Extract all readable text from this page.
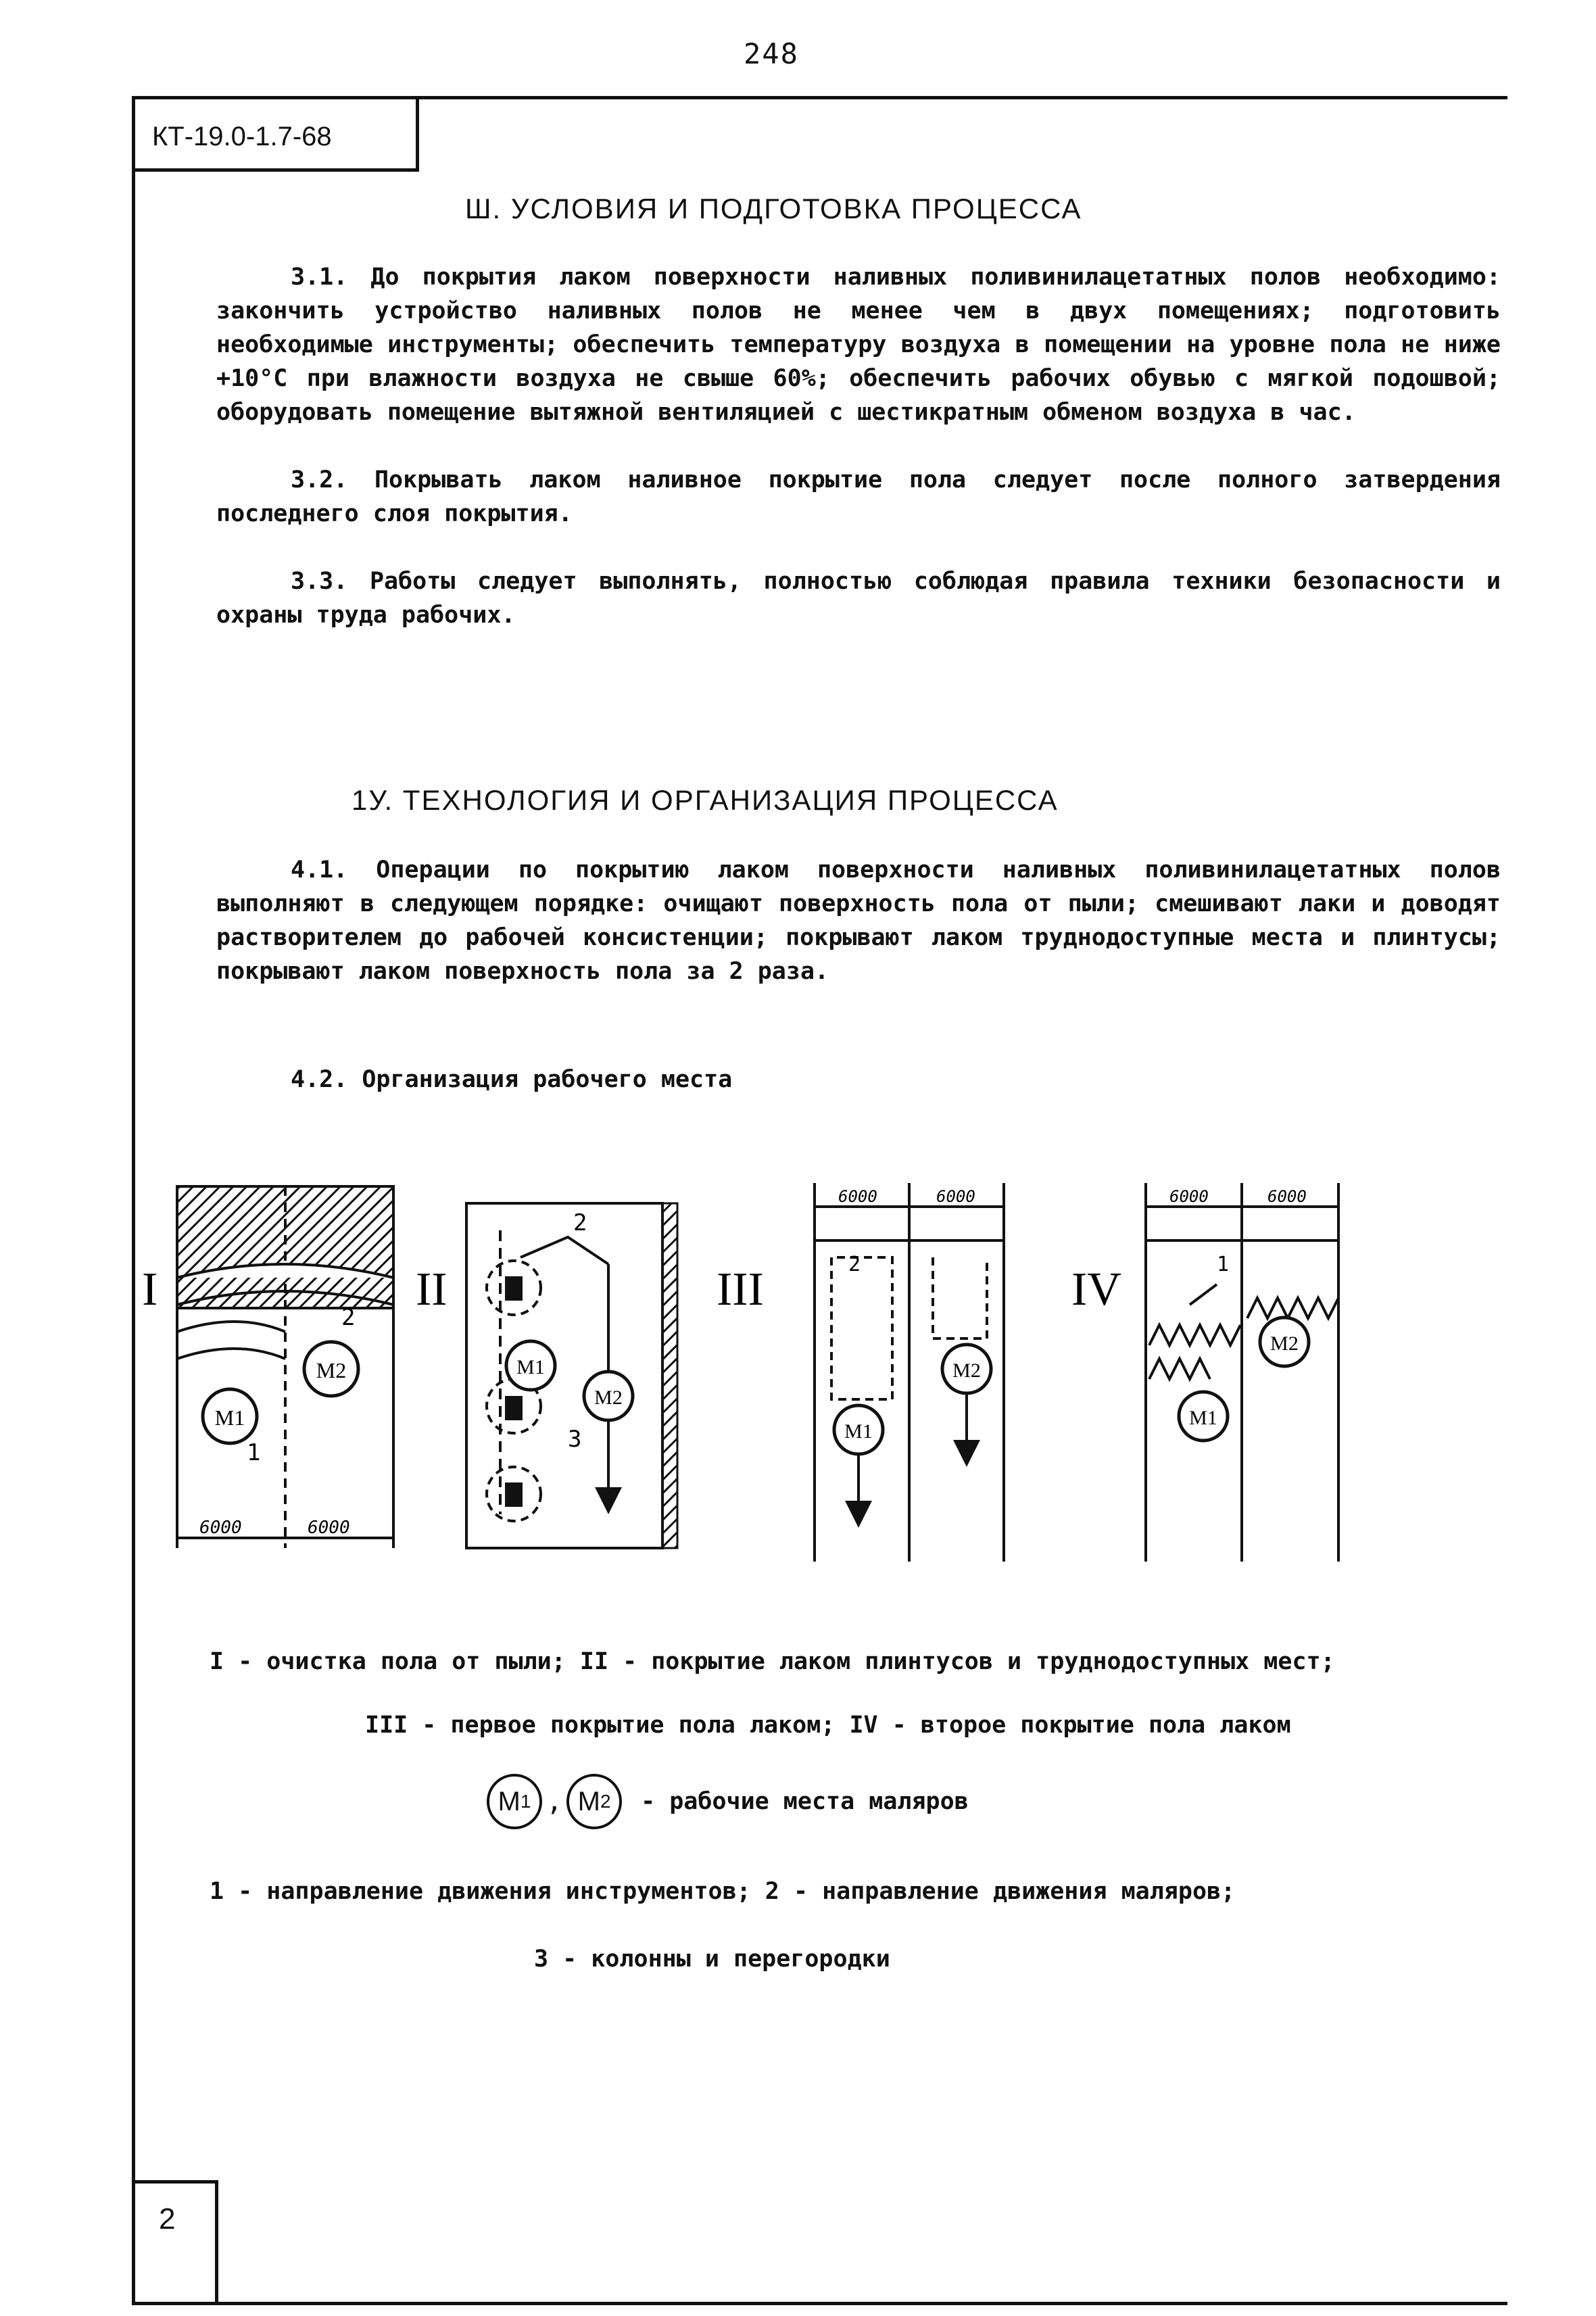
248
КТ-19.0-1.7-68
Ш. УСЛОВИЯ И ПОДГОТОВКА ПРОЦЕССА

3.1. До покрытия лаком поверхности наливных поливинилацетатных полов необходимо: закончить устройство наливных полов не менее чем в двух помещениях; подготовить необходимые инструменты; обеспечить температуру воздуха в помещении на уровне пола не ниже +10°С при влажности воздуха не свыше 60%; обеспечить рабочих обувью с мягкой подошвой; оборудовать помещение вытяжной вентиляцией с шестикратным обменом воздуха в час.

3.2. Покрывать лаком наливное покрытие пола следует после полного затвердения последнего слоя покрытия.

3.3. Работы следует выполнять, полностью соблюдая правила техники безопасности и охраны труда рабочих.

1У. ТЕХНОЛОГИЯ И ОРГАНИЗАЦИЯ ПРОЦЕССА

4.1. Операции по покрытию лаком поверхности наливных поливинилацетатных полов выполняют в следующем порядке: очищают поверхность пола от пыли; смешивают лаки и доводят растворителем до рабочей консистенции; покрывают лаком труднодоступные места и плинтусы; покрывают лаком поверхность пола за 2 раза.

4.2. Организация рабочего места

I
M1
M2
2
1
6000	6000
II
M1
M2
2
3
III
M1
M2
6000	6000
2	IV
M1
M2
6000	6000
1
I - очистка пола от пыли; II - покрытие лаком плинтусов и труднодоступных мест;
III - первое покрытие пола лаком; IV - второе покрытие пола лаком
М 1 , М 2 - рабочие места маляров
1 - направление движения инструментов; 2 - направление движения маляров;
3 - колонны и перегородки
2
